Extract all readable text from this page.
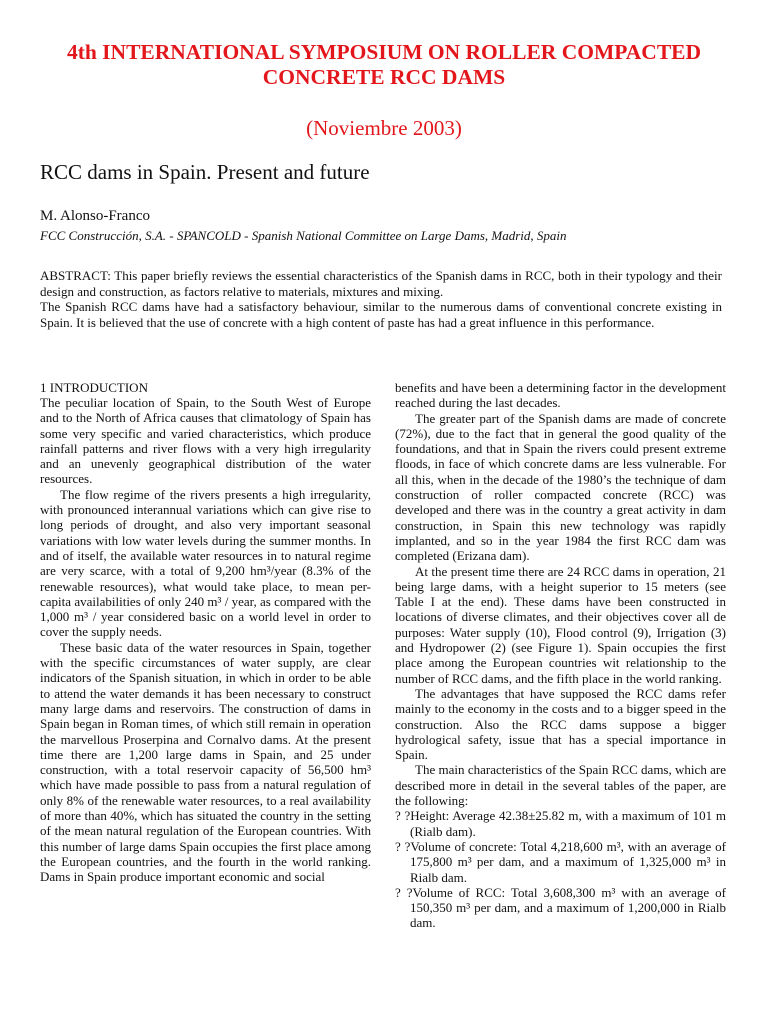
4th INTERNATIONAL SYMPOSIUM ON ROLLER COMPACTED
CONCRETE RCC DAMS
(Noviembre 2003)
RCC dams in Spain. Present and future
M. Alonso-Franco
FCC Construcción, S.A. - SPANCOLD - Spanish National Committee on Large Dams, Madrid, Spain

ABSTRACT: This paper briefly reviews the essential characteristics of the Spanish dams in RCC, both in their typology and their design and construction, as factors relative to materials, mixtures and mixing.

The Spanish RCC dams have had a satisfactory behaviour, similar to the numerous dams of conventional concrete existing in Spain. It is believed that the use of concrete with a high content of paste has had a great influence in this performance.

1 INTRODUCTION

The peculiar location of Spain, to the South West of Europe and to the North of Africa causes that climatology of Spain has some very specific and varied characteristics, which produce rainfall patterns and river flows with a very high irregularity and an unevenly geographical distribution of the water resources.

The flow regime of the rivers presents a high irregularity, with pronounced interannual variations which can give rise to long periods of drought, and also very important seasonal variations with low water levels during the summer months. In and of itself, the available water resources in to natural regime are very scarce, with a total of 9,200 hm³/year (8.3% of the renewable resources), what would take place, to mean per-capita availabilities of only 240 m³ / year, as compared with the 1,000 m³ / year considered basic on a world level in order to cover the supply needs.

These basic data of the water resources in Spain, together with the specific circumstances of water supply, are clear indicators of the Spanish situation, in which in order to be able to attend the water demands it has been necessary to construct many large dams and reservoirs. The construction of dams in Spain began in Roman times, of which still remain in operation the marvellous Proserpina and Cornalvo dams. At the present time there are 1,200 large dams in Spain, and 25 under construction, with a total reservoir capacity of 56,500 hm³ which have made possible to pass from a natural regulation of only 8% of the renewable water resources, to a real availability of more than 40%, which has situated the country in the setting of the mean natural regulation of the European countries. With this number of large dams Spain occupies the first place among the European countries, and the fourth in the world ranking. Dams in Spain produce important economic and social

benefits and have been a determining factor in the development reached during the last decades.

The greater part of the Spanish dams are made of concrete (72%), due to the fact that in general the good quality of the foundations, and that in Spain the rivers could present extreme floods, in face of which concrete dams are less vulnerable. For all this, when in the decade of the 1980’s the technique of dam construction of roller compacted concrete (RCC) was developed and there was in the country a great activity in dam construction, in Spain this new technology was rapidly implanted, and so in the year 1984 the first RCC dam was completed (Erizana dam).

At the present time there are 24 RCC dams in operation, 21 being large dams, with a height superior to 15 meters (see Table I at the end). These dams have been constructed in locations of diverse climates, and their objectives cover all de purposes: Water supply (10), Flood control (9), Irrigation (3) and Hydropower (2) (see Figure 1). Spain occupies the first place among the European countries wit relationship to the number of RCC dams, and the fifth place in the world ranking.

The advantages that have supposed the RCC dams refer mainly to the economy in the costs and to a bigger speed in the construction. Also the RCC dams suppose a bigger hydrological safety, issue that has a special importance in Spain.

The main characteristics of the Spain RCC dams, which are described more in detail in the several tables of the paper, are the following:

? ?Height: Average 42.38±25.82 m, with a maximum of 101 m (Rialb dam).

? ?Volume of concrete: Total 4,218,600 m³, with an average of 175,800 m³ per dam, and a maximum of 1,325,000 m³ in Rialb dam.

? ?Volume of RCC: Total 3,608,300 m³ with an average of 150,350 m³ per dam, and a maximum of 1,200,000 in Rialb dam.
